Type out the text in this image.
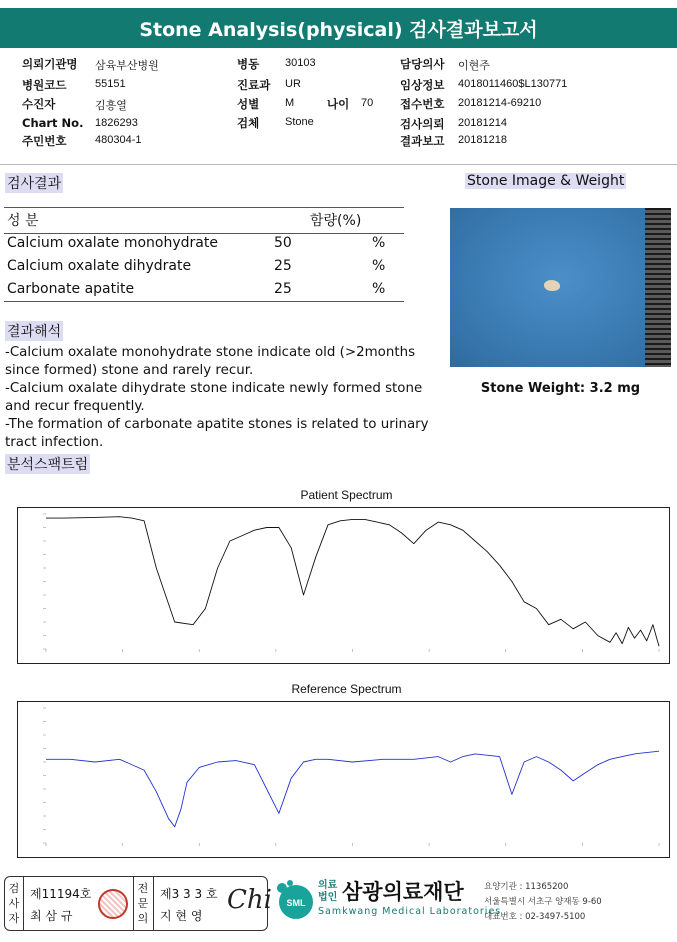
Stone Analysis(physical) 검사결과보고서
의뢰기관명 삼육부산병원
병원코드	55151
수진자	김흥열
Chart No. 1826293
주민번호	480304-1
병동 30103
진료과 UR
성별 M	나이 70
검체 Stone
담당의사 이현주
임상정보 4018011460$L130771
접수번호 20181214-69210
검사의뢰 20181214
결과보고 20181218
검사결과	Stone Image & Weight
성 분	함량(%)
Calcium oxalate monohydrate	50	%
Calcium oxalate dihydrate	25	%
Carbonate apatite	25	%
Stone Weight: 3.2 mg
결과해석
-Calcium oxalate monohydrate stone indicate old (>2months since formed) stone and rarely recur.
-Calcium oxalate dihydrate stone indicate newly formed stone and recur frequently.
-The formation of carbonate apatite stones is related to urinary tract infection.
분석스팩트럼
Patient Spectrum
Reference Spectrum
검사자
제11194호
최 삼 규
전문의
제3 3 3 호
지 현 영
Chi SML
의료
법인 삼광의료재단
Samkwang Medical Laboratories
요양기관 : 11365200
서울특별시 서초구 양재동 9-60
대표번호 : 02-3497-5100
